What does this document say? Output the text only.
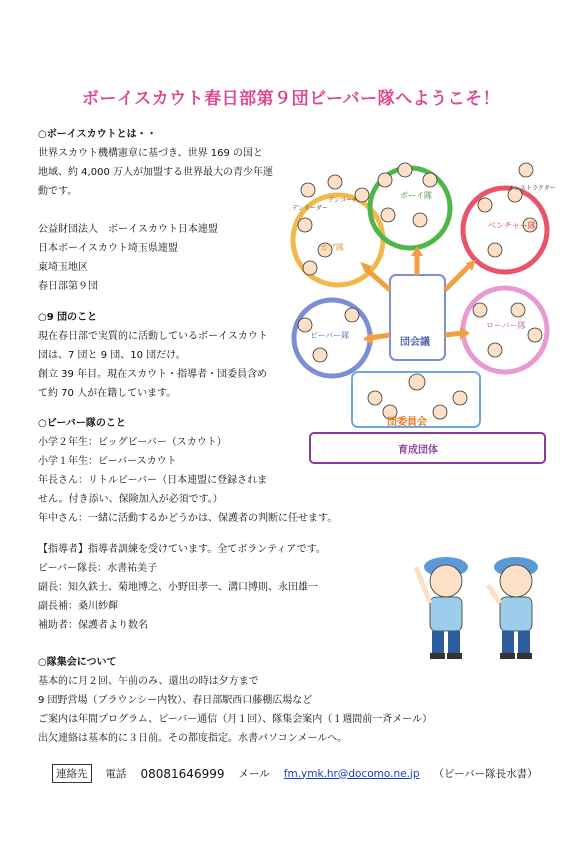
ボーイスカウト春日部第９団ビーバー隊へようこそ！
○ボーイスカウトとは・・
世界スカウト機構憲章に基づき、世界 169 の国と
地域、約 4,000 万人が加盟する世界最大の青少年運
動です。
公益財団法人　ボーイスカウト日本連盟
日本ボーイスカウト埼玉県連盟
東埼玉地区
春日部第９団
○9 団のこと
現在春日部で実質的に活動しているボーイスカウト
団は、7 団と 9 団、10 団だけ。
創立 39 年目。現在スカウト・指導者・団委員含め
て約 70 人が在籍しています。
○ビーバー隊のこと
小学２年生：ビッグビーバー（スカウト）
小学１年生：ビーバースカウト
年長さん：リトルビーバー（日本連盟に登録されま
せん。付き添い、保険加入が必須です。）
年中さん：一緒に活動するかどうかは、保護者の判断に任せます。
【指導者】指導者訓練を受けています。全てボランティアです。
ビーバー隊長：水書祐美子
副長：知久鉄士、菊地博之、小野田孝一、溝口博則、永田雄一
副長補：桑川紗輝
補助者：保護者より数名
○隊集会について
基本的に月２回、午前のみ、還出の時は夕方まで
9 団野営場（ブラウンシー内牧）、春日部駅西口藤棚広場など
ご案内は年間プログラム、ビーバー通信（月１回）、隊集会案内（１週間前一斉メール）
出欠連絡は基本的に３日前。その都度指定。水書パソコンメールへ。
連絡先	電話 08081646999 メール fm.ymk.hr@docomo.ne.jp （ビーバー隊長水書）
カブ隊
ボーイ隊
ベンチャー隊
ビーバー隊
ローバー隊
団会議
団委員会
育成団体
インストラクター
デンリーダー
デンコーチ
